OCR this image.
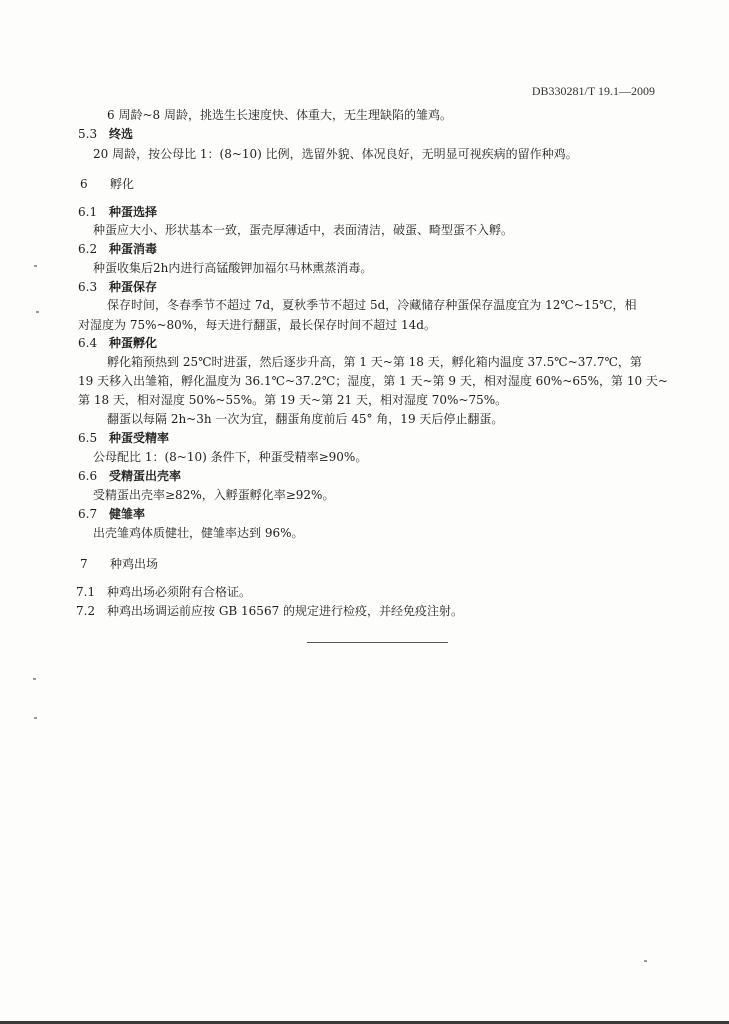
DB330281/T 19.1—2009
6 周龄~8 周龄，挑选生长速度快、体重大，无生理缺陷的雏鸡。
5.3 终选
20 周龄，按公母比 1：(8~10) 比例，选留外貌、体况良好，无明显可视疾病的留作种鸡。
6 孵化
6.1 种蛋选择
种蛋应大小、形状基本一致，蛋壳厚薄适中，表面清洁，破蛋、畸型蛋不入孵。
6.2 种蛋消毒
种蛋收集后2h内进行高锰酸钾加福尔马林熏蒸消毒。
6.3 种蛋保存
保存时间，冬春季节不超过 7d，夏秋季节不超过 5d，冷藏储存种蛋保存温度宜为 12℃~15℃，相
对湿度为 75%~80%，每天进行翻蛋，最长保存时间不超过 14d。
6.4 种蛋孵化
孵化箱预热到 25℃时进蛋，然后逐步升高，第 1 天~第 18 天，孵化箱内温度 37.5℃~37.7℃，第
19 天移入出雏箱，孵化温度为 36.1℃~37.2℃；湿度，第 1 天~第 9 天，相对湿度 60%~65%，第 10 天~
第 18 天，相对湿度 50%~55%。第 19 天~第 21 天，相对湿度 70%~75%。
翻蛋以每隔 2h~3h 一次为宜，翻蛋角度前后 45° 角，19 天后停止翻蛋。
6.5 种蛋受精率
公母配比 1：(8~10) 条件下，种蛋受精率≥90%。
6.6 受精蛋出壳率
受精蛋出壳率≥82%，入孵蛋孵化率≥92%。
6.7 健雏率
出壳雏鸡体质健壮，健雏率达到 96%。
7 种鸡出场
7.1 种鸡出场必须附有合格证。
7.2 种鸡出场调运前应按 GB 16567 的规定进行检疫，并经免疫注射。
